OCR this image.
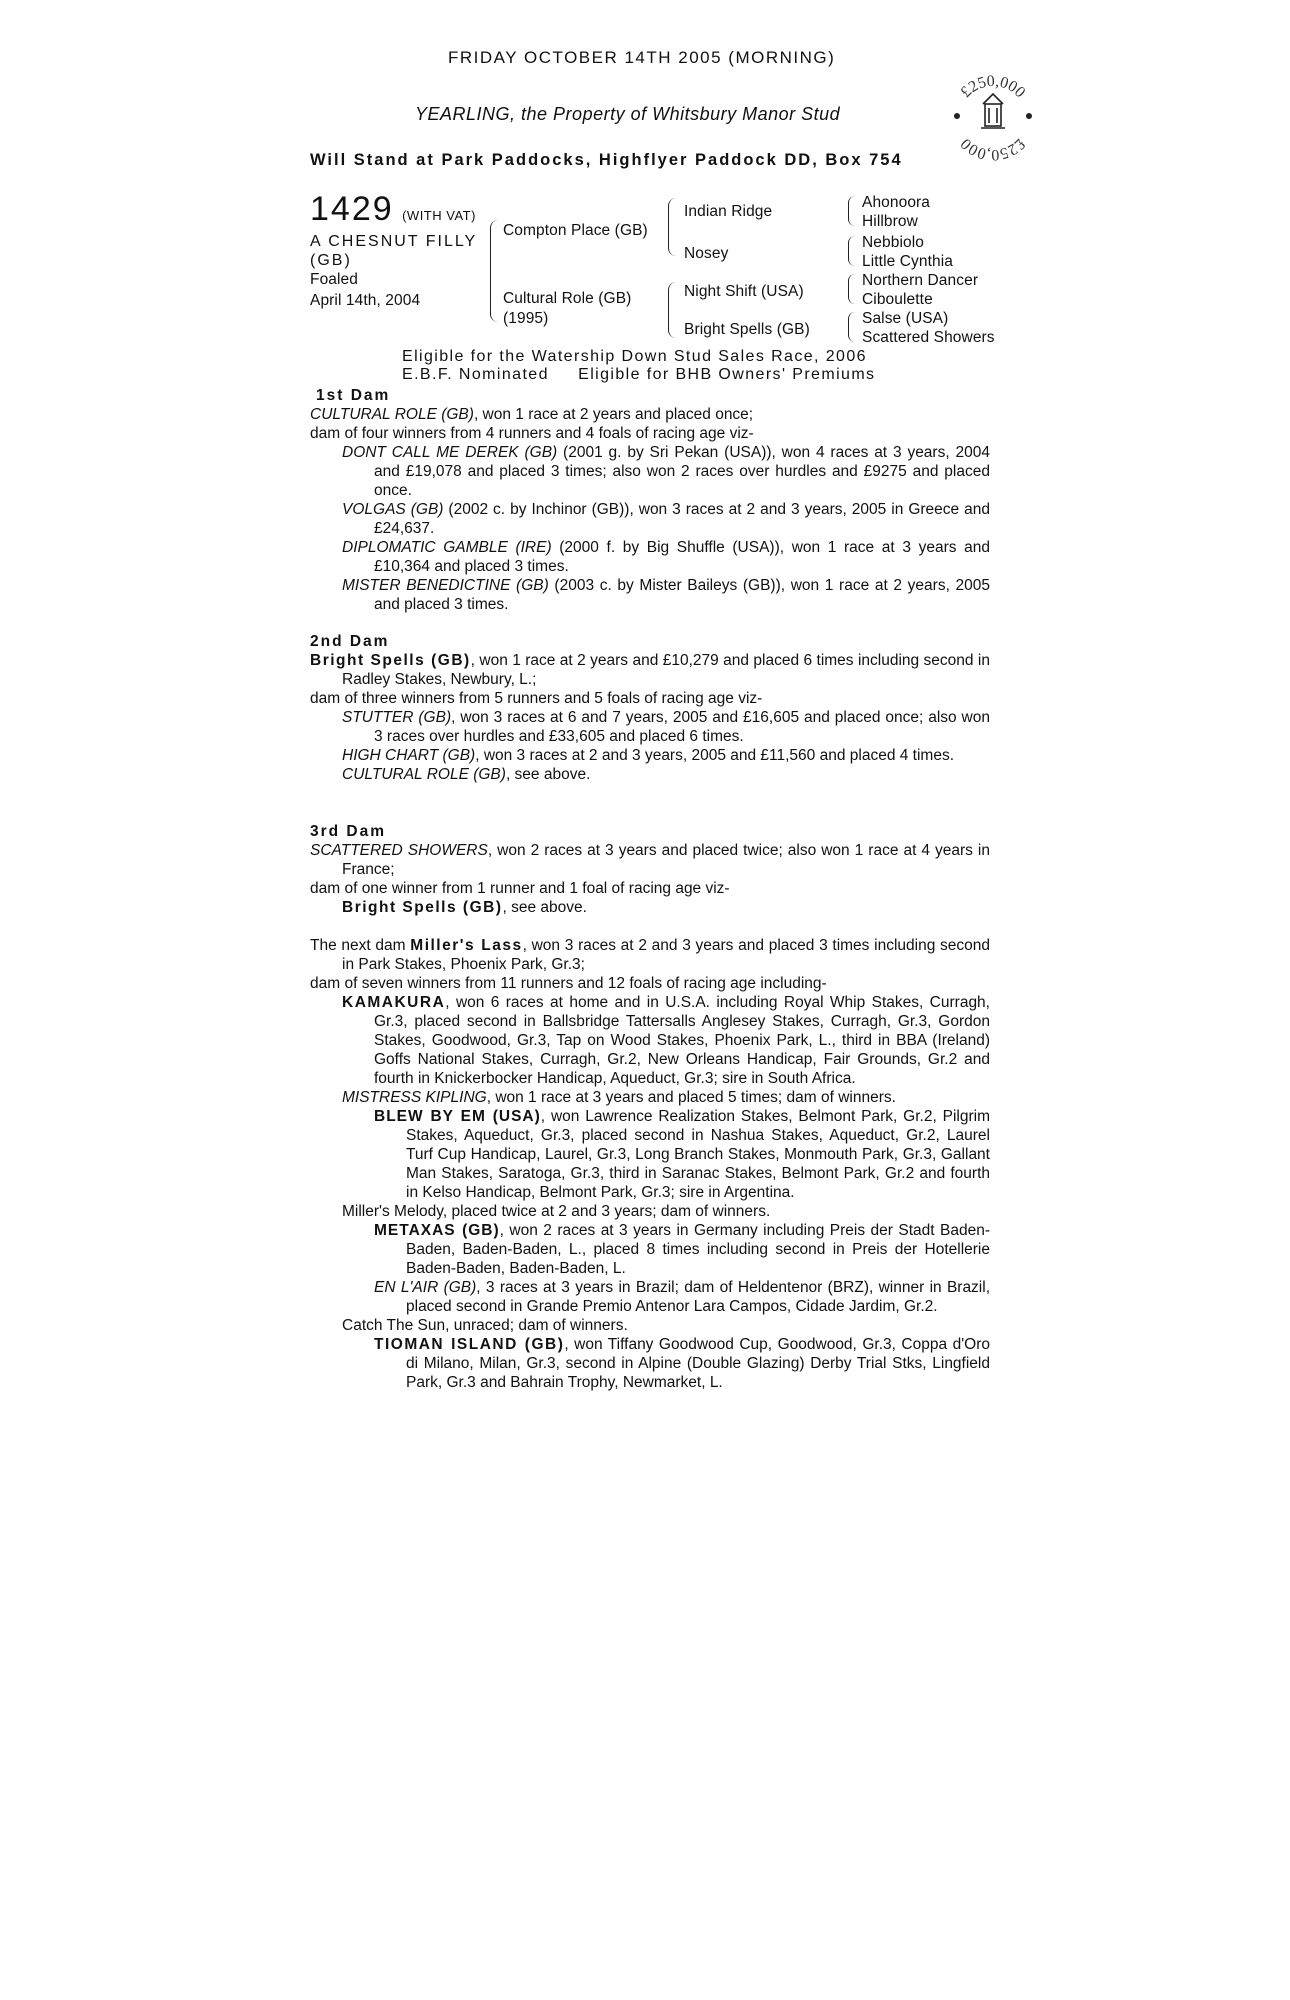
FRIDAY OCTOBER 14TH 2005 (MORNING)
YEARLING, the Property of Whitsbury Manor Stud
Will Stand at Park Paddocks, Highflyer Paddock DD, Box 754
£250,000
£250,000
1429 (WITH VAT)
A CHESNUT FILLY
(GB)
Foaled
April 14th, 2004
Compton Place (GB)
Cultural Role (GB)
(1995)
Indian Ridge
Nosey
Night Shift (USA)
Bright Spells (GB)
Ahonoora
Hillbrow
Nebbiolo
Little Cynthia
Northern Dancer
Ciboulette
Salse (USA)
Scattered Showers
Eligible for the Watership Down Stud Sales Race, 2006
E.B.F. Nominated     Eligible for BHB Owners' Premiums

1st Dam

CULTURAL ROLE (GB), won 1 race at 2 years and placed once;

dam of four winners from 4 runners and 4 foals of racing age viz-

DONT CALL ME DEREK (GB) (2001 g. by Sri Pekan (USA)), won 4 races at 3 years, 2004 and £19,078 and placed 3 times; also won 2 races over hurdles and £9275 and placed once.

VOLGAS (GB) (2002 c. by Inchinor (GB)), won 3 races at 2 and 3 years, 2005 in Greece and £24,637.

DIPLOMATIC GAMBLE (IRE) (2000 f. by Big Shuffle (USA)), won 1 race at 3 years and £10,364 and placed 3 times.

MISTER BENEDICTINE (GB) (2003 c. by Mister Baileys (GB)), won 1 race at 2 years, 2005 and placed 3 times.

2nd Dam

Bright Spells (GB), won 1 race at 2 years and £10,279 and placed 6 times including second in Radley Stakes, Newbury, L.;

dam of three winners from 5 runners and 5 foals of racing age viz-

STUTTER (GB), won 3 races at 6 and 7 years, 2005 and £16,605 and placed once; also won 3 races over hurdles and £33,605 and placed 6 times.

HIGH CHART (GB), won 3 races at 2 and 3 years, 2005 and £11,560 and placed 4 times.

CULTURAL ROLE (GB), see above.

3rd Dam

SCATTERED SHOWERS, won 2 races at 3 years and placed twice; also won 1 race at 4 years in France;

dam of one winner from 1 runner and 1 foal of racing age viz-

Bright Spells (GB), see above.

The next dam Miller's Lass, won 3 races at 2 and 3 years and placed 3 times including second in Park Stakes, Phoenix Park, Gr.3;

dam of seven winners from 11 runners and 12 foals of racing age including-

KAMAKURA, won 6 races at home and in U.S.A. including Royal Whip Stakes, Curragh, Gr.3, placed second in Ballsbridge Tattersalls Anglesey Stakes, Curragh, Gr.3, Gordon Stakes, Goodwood, Gr.3, Tap on Wood Stakes, Phoenix Park, L., third in BBA (Ireland) Goffs National Stakes, Curragh, Gr.2, New Orleans Handicap, Fair Grounds, Gr.2 and fourth in Knickerbocker Handicap, Aqueduct, Gr.3; sire in South Africa.

MISTRESS KIPLING, won 1 race at 3 years and placed 5 times; dam of winners.

BLEW BY EM (USA), won Lawrence Realization Stakes, Belmont Park, Gr.2, Pilgrim Stakes, Aqueduct, Gr.3, placed second in Nashua Stakes, Aqueduct, Gr.2, Laurel Turf Cup Handicap, Laurel, Gr.3, Long Branch Stakes, Monmouth Park, Gr.3, Gallant Man Stakes, Saratoga, Gr.3, third in Saranac Stakes, Belmont Park, Gr.2 and fourth in Kelso Handicap, Belmont Park, Gr.3; sire in Argentina.

Miller's Melody, placed twice at 2 and 3 years; dam of winners.

METAXAS (GB), won 2 races at 3 years in Germany including Preis der Stadt Baden-Baden, Baden-Baden, L., placed 8 times including second in Preis der Hotellerie Baden-Baden, Baden-Baden, L.

EN L'AIR (GB), 3 races at 3 years in Brazil; dam of Heldentenor (BRZ), winner in Brazil, placed second in Grande Premio Antenor Lara Campos, Cidade Jardim, Gr.2.

Catch The Sun, unraced; dam of winners.

TIOMAN ISLAND (GB), won Tiffany Goodwood Cup, Goodwood, Gr.3, Coppa d'Oro di Milano, Milan, Gr.3, second in Alpine (Double Glazing) Derby Trial Stks, Lingfield Park, Gr.3 and Bahrain Trophy, Newmarket, L.
